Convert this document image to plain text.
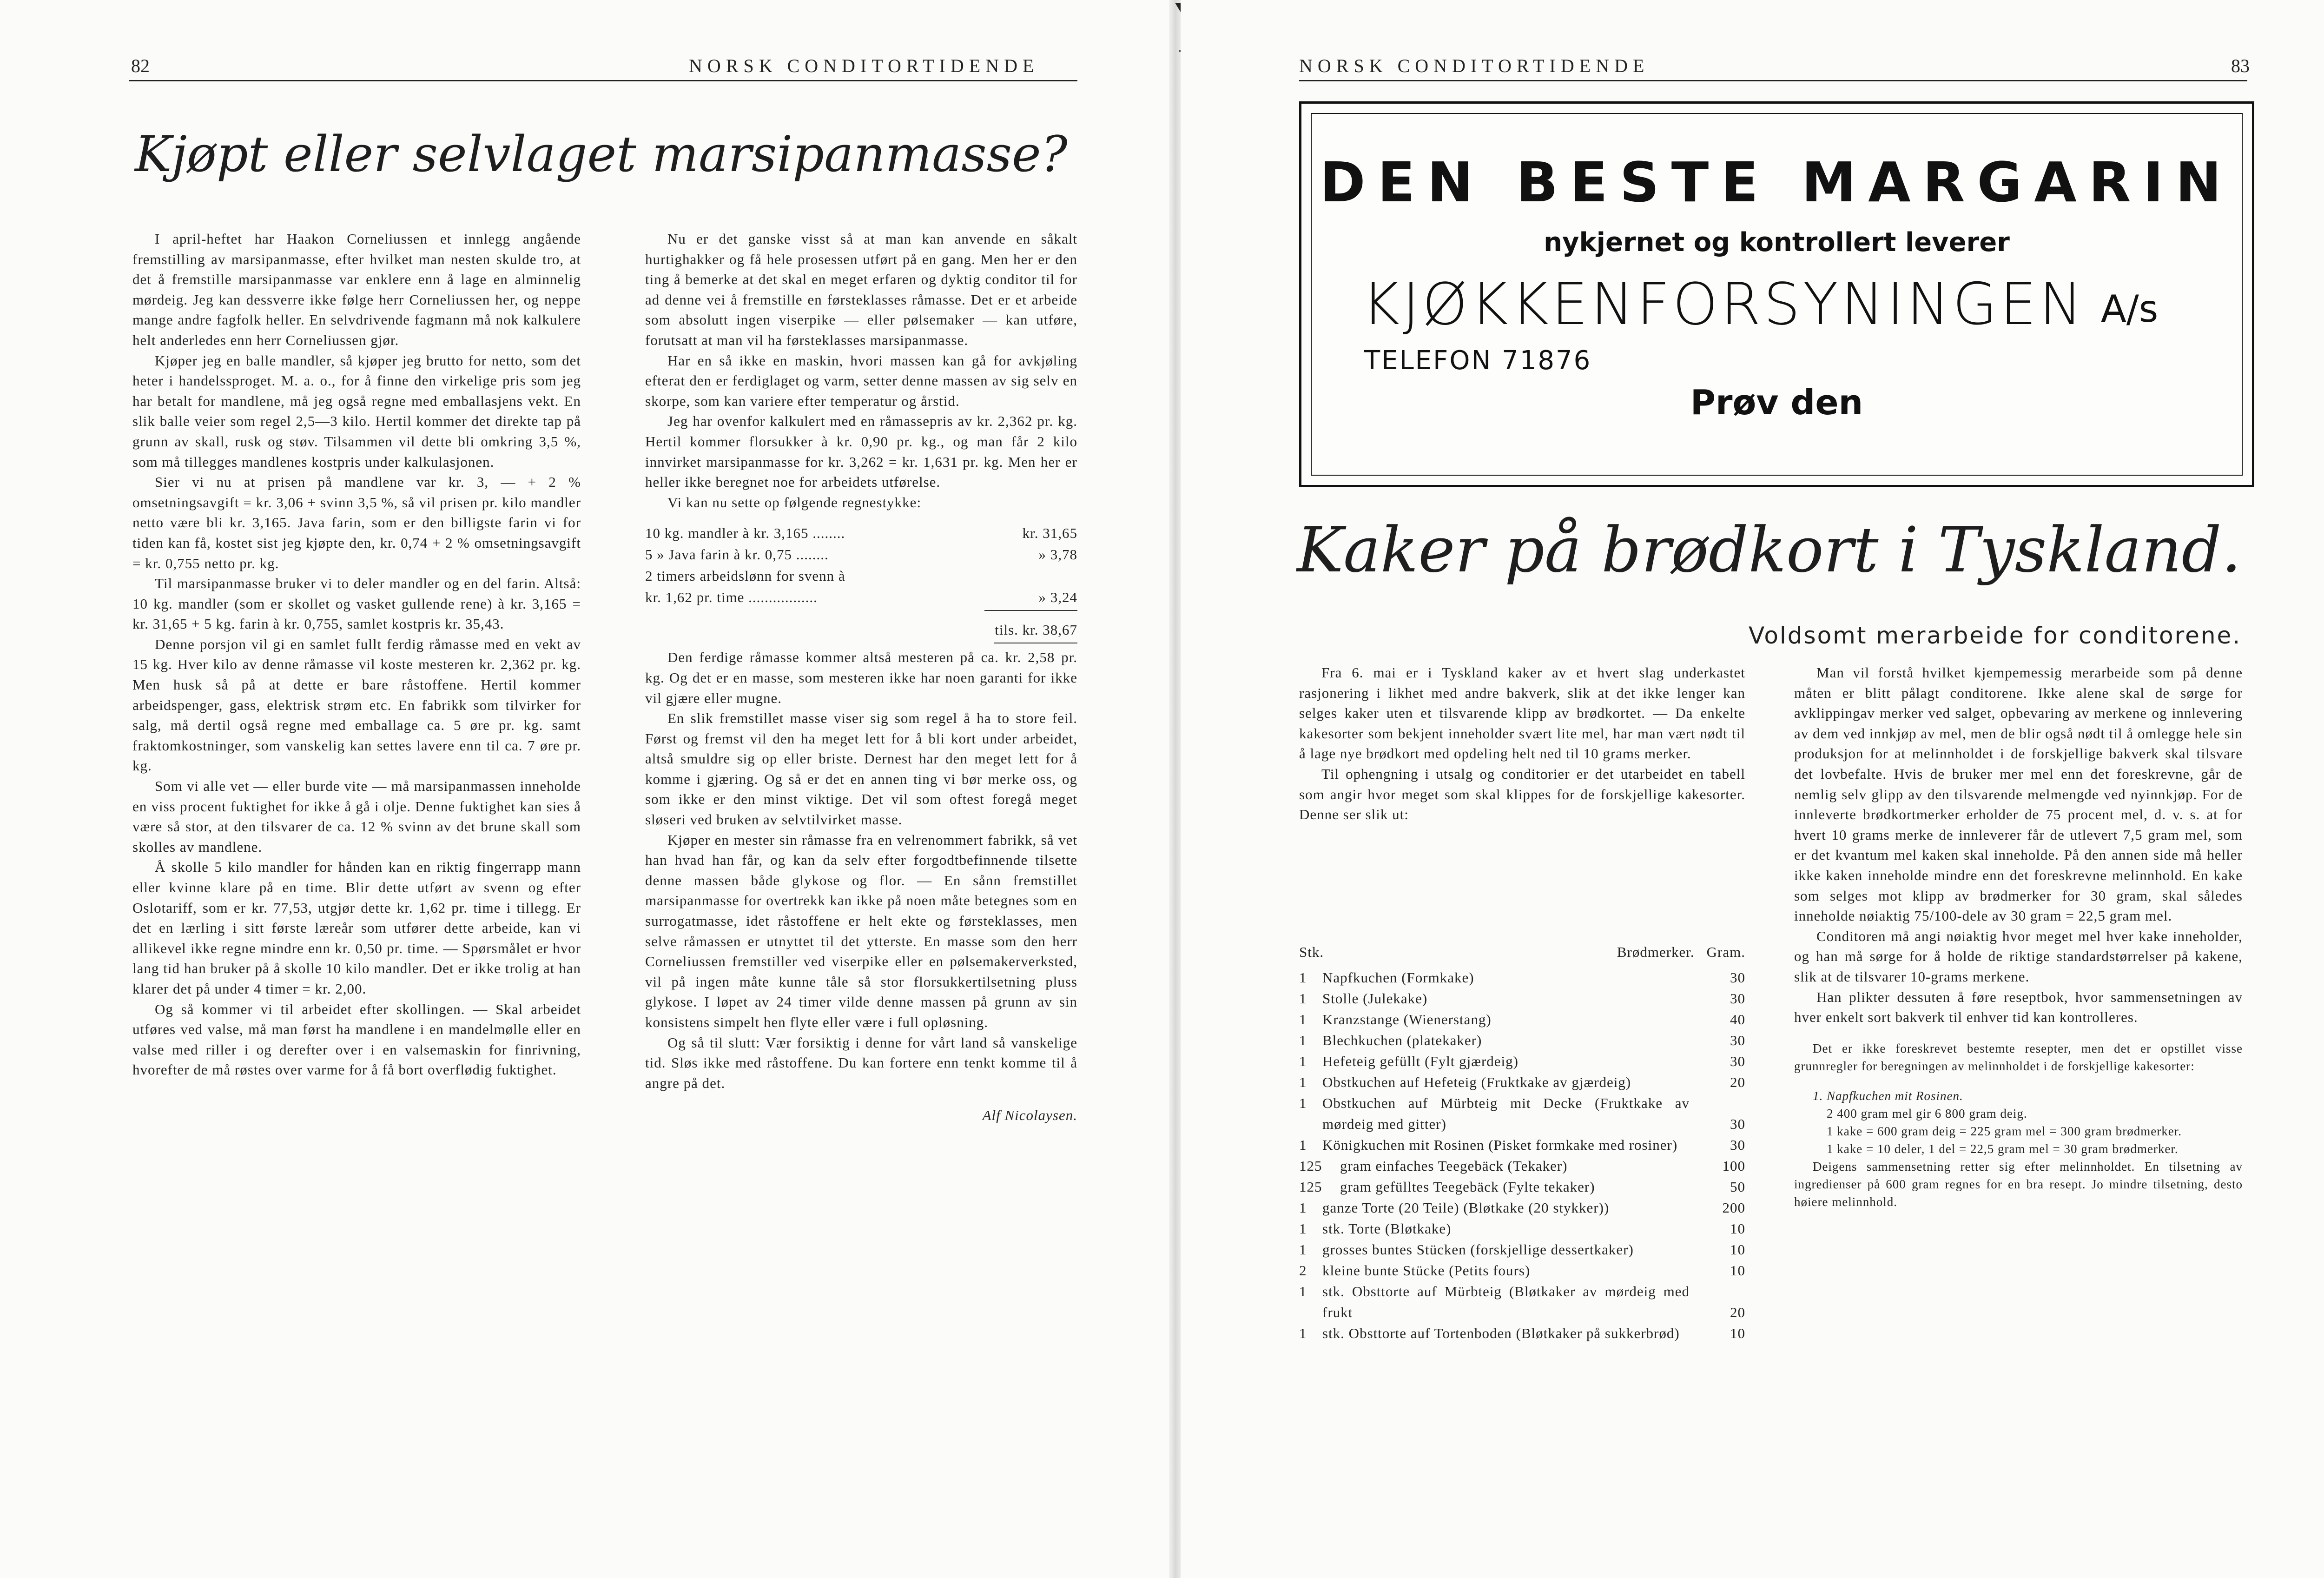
82	NORSK CONDITORTIDENDE
Kjøpt eller selvlaget marsipanmasse?

I april-heftet har Haakon Corneliussen et innlegg angående fremstilling av marsipanmasse, efter hvilket man nesten skulde tro, at det å fremstille marsipanmasse var enklere enn å lage en alminnelig mørdeig. Jeg kan dessverre ikke følge herr Corneliussen her, og neppe mange andre fagfolk heller. En selvdrivende fagmann må nok kalkulere helt anderledes enn herr Corneliussen gjør.

Kjøper jeg en balle mandler, så kjøper jeg brutto for netto, som det heter i handelssproget. M. a. o., for å finne den virkelige pris som jeg har betalt for mandlene, må jeg også regne med emballasjens vekt. En slik balle veier som regel 2,5—3 kilo. Hertil kommer det direkte tap på grunn av skall, rusk og støv. Tilsammen vil dette bli omkring 3,5 %, som må tillegges mandlenes kostpris under kalkulasjonen.

Sier vi nu at prisen på mandlene var kr. 3, — + 2 % omsetningsavgift = kr. 3,06 + svinn 3,5 %, så vil prisen pr. kilo mandler netto være bli kr. 3,165. Java farin, som er den billigste farin vi for tiden kan få, kostet sist jeg kjøpte den, kr. 0,74 + 2 % omsetningsavgift = kr. 0,755 netto pr. kg.

Til marsipanmasse bruker vi to deler mandler og en del farin. Altså: 10 kg. mandler (som er skollet og vasket gullende rene) à kr. 3,165 = kr. 31,65 + 5 kg. farin à kr. 0,755, samlet kostpris kr. 35,43.

Denne porsjon vil gi en samlet fullt ferdig råmasse med en vekt av 15 kg. Hver kilo av denne råmasse vil koste mesteren kr. 2,362 pr. kg. Men husk så på at dette er bare råstoffene. Hertil kommer arbeidspenger, gass, elektrisk strøm etc. En fabrikk som tilvirker for salg, må dertil også regne med emballage ca. 5 øre pr. kg. samt fraktomkostninger, som vanskelig kan settes lavere enn til ca. 7 øre pr. kg.

Som vi alle vet — eller burde vite — må marsipanmassen inneholde en viss procent fuktighet for ikke å gå i olje. Denne fuktighet kan sies å være så stor, at den tilsvarer de ca. 12 % svinn av det brune skall som skolles av mandlene.

Å skolle 5 kilo mandler for hånden kan en riktig fingerrapp mann eller kvinne klare på en time. Blir dette utført av svenn og efter Oslotariff, som er kr. 77,53, utgjør dette kr. 1,62 pr. time i tillegg. Er det en lærling i sitt første læreår som utfører dette arbeide, kan vi allikevel ikke regne mindre enn kr. 0,50 pr. time. — Spørsmålet er hvor lang tid han bruker på å skolle 10 kilo mandler. Det er ikke trolig at han klarer det på under 4 timer = kr. 2,00.

Og så kommer vi til arbeidet efter skollingen. — Skal arbeidet utføres ved valse, må man først ha mandlene i en mandelmølle eller en valse med riller i og derefter over i en valsemaskin for finrivning, hvorefter de må røstes over varme for å få bort overflødig fuktighet.

Nu er det ganske visst så at man kan anvende en såkalt hurtighakker og få hele prosessen utført på en gang. Men her er den ting å bemerke at det skal en meget erfaren og dyktig conditor til for ad denne vei å fremstille en førsteklasses råmasse. Det er et arbeide som absolutt ingen viserpike — eller pølsemaker — kan utføre, forutsatt at man vil ha førsteklasses marsipanmasse.

Har en så ikke en maskin, hvori massen kan gå for avkjøling efterat den er ferdiglaget og varm, setter denne massen av sig selv en skorpe, som kan variere efter temperatur og årstid.

Jeg har ovenfor kalkulert med en råmassepris av kr. 2,362 pr. kg. Hertil kommer florsukker à kr. 0,90 pr. kg., og man får 2 kilo innvirket marsipanmasse for kr. 3,262 = kr. 1,631 pr. kg. Men her er heller ikke beregnet noe for arbeidets utførelse.

Vi kan nu sette op følgende regnestykke:

10 kg. mandler à kr. 3,165 ........	kr. 31,65
5 » Java farin à kr. 0,75 ........	» 3,78
2 timers arbeidslønn for svenn à
kr. 1,62 pr. time .................	» 3,24
tils. kr. 38,67

Den ferdige råmasse kommer altså mesteren på ca. kr. 2,58 pr. kg. Og det er en masse, som mesteren ikke har noen garanti for ikke vil gjære eller mugne.

En slik fremstillet masse viser sig som regel å ha to store feil. Først og fremst vil den ha meget lett for å bli kort under arbeidet, altså smuldre sig op eller briste. Dernest har den meget lett for å komme i gjæring. Og så er det en annen ting vi bør merke oss, og som ikke er den minst viktige. Det vil som oftest foregå meget sløseri ved bruken av selvtilvirket masse.

Kjøper en mester sin råmasse fra en velrenommert fabrikk, så vet han hvad han får, og kan da selv efter forgodtbefinnende tilsette denne massen både glykose og flor. — En sånn fremstillet marsipanmasse for overtrekk kan ikke på noen måte betegnes som en surrogatmasse, idet råstoffene er helt ekte og førsteklasses, men selve råmassen er utnyttet til det ytterste. En masse som den herr Corneliussen fremstiller ved viserpike eller en pølsemakerverksted, vil på ingen måte kunne tåle så stor florsukkertilsetning pluss glykose. I løpet av 24 timer vilde denne massen på grunn av sin konsistens simpelt hen flyte eller være i full opløsning.

Og så til slutt: Vær forsiktig i denne for vårt land så vanskelige tid. Sløs ikke med råstoffene. Du kan fortere enn tenkt komme til å angre på det.

Alf Nicolaysen.
NORSK CONDITORTIDENDE	83
DEN BESTE MARGARIN
nykjernet og kontrollert leverer
KJØKKENFORSYNINGEN A/s
TELEFON 71876
Prøv den
Kaker på brødkort i Tyskland.
Voldsomt merarbeide for conditorene.

Fra 6. mai er i Tyskland kaker av et hvert slag underkastet rasjonering i likhet med andre bakverk, slik at det ikke lenger kan selges kaker uten et tilsvarende klipp av brødkortet. — Da enkelte kakesorter som bekjent inneholder svært lite mel, har man vært nødt til å lage nye brødkort med opdeling helt ned til 10 grams merker.

Til ophengning i utsalg og conditorier er det utarbeidet en tabell som angir hvor meget som skal klippes for de forskjellige kakesorter. Denne ser slik ut:

Stk.	Brødmerker. Gram.
1	Napfkuchen (Formkake)	30
1	Stolle (Julekake)	30
1	Kranzstange (Wienerstang)	40
1	Blechkuchen (platekaker)	30
1	Hefeteig gefüllt (Fylt gjærdeig)	30
1	Obstkuchen auf Hefeteig (Fruktkake av gjærdeig)	20
1	Obstkuchen auf Mürbteig mit Decke (Fruktkake av mørdeig med gitter)	30
1	Königkuchen mit Rosinen (Pisket formkake med rosiner)	30
125	gram einfaches Teegebäck (Tekaker)	100
125	gram gefülltes Teegebäck (Fylte tekaker)	50
1	ganze Torte (20 Teile) (Bløtkake (20 stykker))	200
1	stk. Torte (Bløtkake)	10
1	grosses buntes Stücken (forskjellige dessertkaker)	10
2	kleine bunte Stücke (Petits fours)	10
1	stk. Obsttorte auf Mürbteig (Bløtkaker av mørdeig med frukt	20
1	stk. Obsttorte auf Tortenboden (Bløtkaker på sukkerbrød)	10

Man vil forstå hvilket kjempemessig merarbeide som på denne måten er blitt pålagt conditorene. Ikke alene skal de sørge for avklippingav merker ved salget, opbevaring av merkene og innlevering av dem ved innkjøp av mel, men de blir også nødt til å omlegge hele sin produksjon for at melinnholdet i de forskjellige bakverk skal tilsvare det lovbefalte. Hvis de bruker mer mel enn det foreskrevne, går de nemlig selv glipp av den tilsvarende melmengde ved nyinnkjøp. For de innleverte brødkortmerker erholder de 75 procent mel, d. v. s. at for hvert 10 grams merke de innleverer får de utlevert 7,5 gram mel, som er det kvantum mel kaken skal inneholde. På den annen side må heller ikke kaken inneholde mindre enn det foreskrevne melinnhold. En kake som selges mot klipp av brødmerker for 30 gram, skal således inneholde nøiaktig 75/100-dele av 30 gram = 22,5 gram mel.

Conditoren må angi nøiaktig hvor meget mel hver kake inneholder, og han må sørge for å holde de riktige standardstørrelser på kakene, slik at de tilsvarer 10-grams merkene.

Han plikter dessuten å føre reseptbok, hvor sammensetningen av hver enkelt sort bakverk til enhver tid kan kontrolleres.

Det er ikke foreskrevet bestemte resepter, men det er opstillet visse grunnregler for beregningen av melinnholdet i de forskjellige kakesorter:

1. Napfkuchen mit Rosinen.
2 400 gram mel gir 6 800 gram deig.
1 kake = 600 gram deig = 225 gram mel = 300 gram brødmerker.
1 kake = 10 deler, 1 del = 22,5 gram mel = 30 gram brødmerker.

Deigens sammensetning retter sig efter melinnholdet. En tilsetning av ingredienser på 600 gram regnes for en bra resept. Jo mindre tilsetning, desto høiere melinnhold.
